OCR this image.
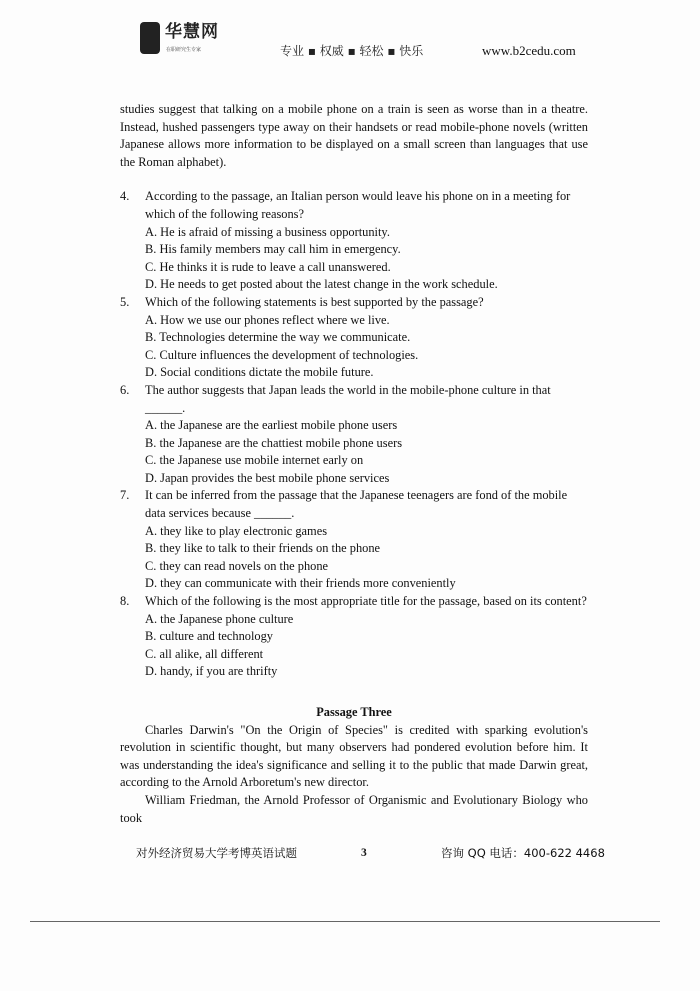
华慧网
在职研究生专家	专业 ▪ 权威 ▪ 轻松 ▪ 快乐	www.b2cedu.com

studies suggest that talking on a mobile phone on a train is seen as worse than in a theatre. Instead, hushed passengers type away on their handsets or read mobile-phone novels (written Japanese allows more information to be displayed on a small screen than languages that use the Roman alphabet).

4. According to the passage, an Italian person would leave his phone on in a meeting for which of the following reasons?

A. He is afraid of missing a business opportunity.
B. His family members may call him in emergency.
C. He thinks it is rude to leave a call unanswered.
D. He needs to get posted about the latest change in the work schedule.

5. Which of the following statements is best supported by the passage?

A. How we use our phones reflect where we live.
B. Technologies determine the way we communicate.
C. Culture influences the development of technologies.
D. Social conditions dictate the mobile future.

6. The author suggests that Japan leads the world in the mobile-phone culture in that ______.

A. the Japanese are the earliest mobile phone users
B. the Japanese are the chattiest mobile phone users
C. the Japanese use mobile internet early on
D. Japan provides the best mobile phone services

7. It can be inferred from the passage that the Japanese teenagers are fond of the mobile data services because ______.

A. they like to play electronic games
B. they like to talk to their friends on the phone
C. they can read novels on the phone
D. they can communicate with their friends more conveniently

8. Which of the following is the most appropriate title for the passage, based on its content?

A. the Japanese phone culture
B. culture and technology
C. all alike, all different
D. handy, if you are thrifty
Passage Three

Charles Darwin's "On the Origin of Species" is credited with sparking evolution's revolution in scientific thought, but many observers had pondered evolution before him. It was understanding the idea's significance and selling it to the public that made Darwin great, according to the Arnold Arboretum's new director.

William Friedman, the Arnold Professor of Organismic and Evolutionary Biology who took

对外经济贸易大学考博英语试题	3	咨询 QQ 电话：400-622 4468
